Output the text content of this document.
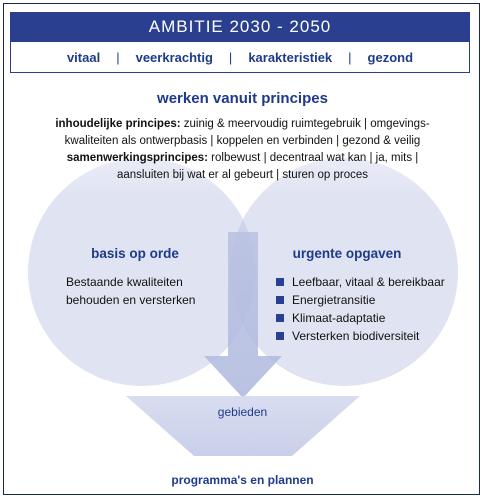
AMBITIE 2030 - 2050
vitaal | veerkrachtig | karakteristiek | gezond
werken vanuit principes
inhoudelijke principes: zuinig & meervoudig ruimtegebruik | omgevings-
kwaliteiten als ontwerpbasis | koppelen en verbinden | gezond & veilig
samenwerkingsprincipes: rolbewust | decentraal wat kan | ja, mits |
aansluiten bij wat er al gebeurt | sturen op proces
basis op orde
Bestaande kwaliteiten
behouden en versterken
urgente opgaven
Leefbaar, vitaal & bereikbaar
Energietransitie
Klimaat-adaptatie
Versterken biodiversiteit
gebieden
programma's en plannen
